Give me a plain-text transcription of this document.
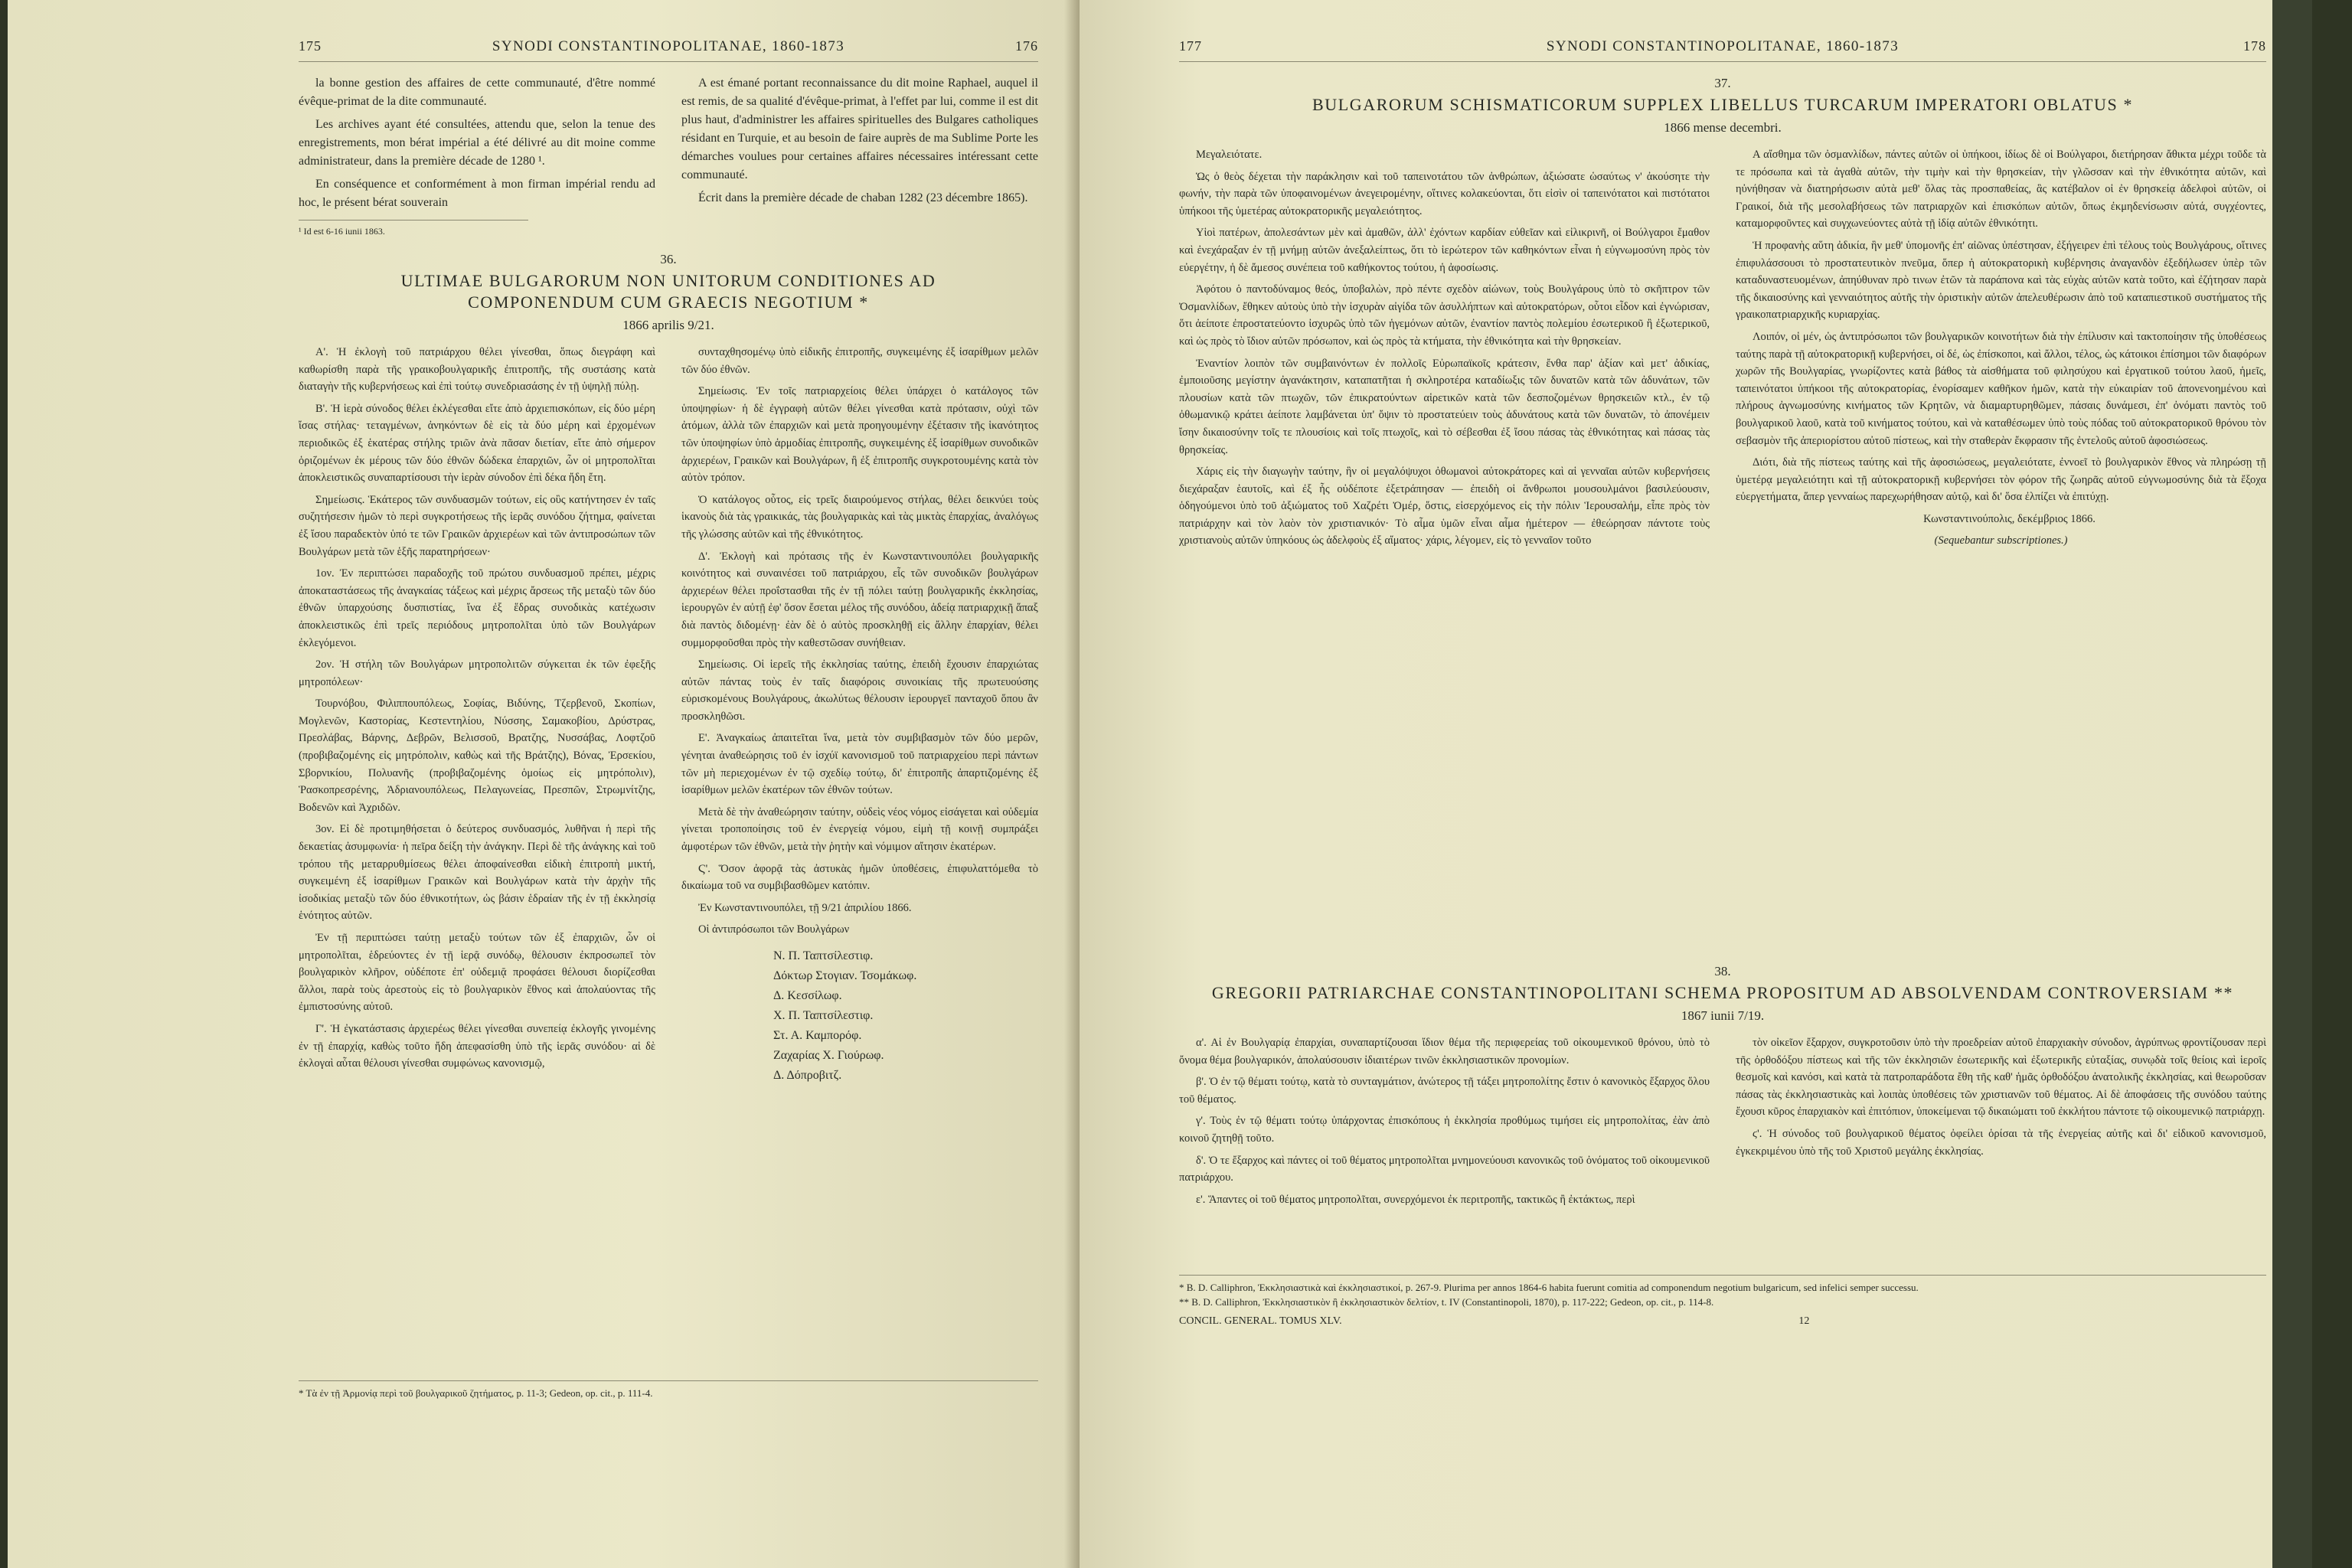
175	SYNODI CONSTANTINOPOLITANAE, 1860-1873	176

la bonne gestion des affaires de cette communauté, d'être nommé évêque-primat de la dite communauté.

Les archives ayant été consultées, attendu que, selon la tenue des enregistrements, mon bérat impérial a été délivré au dit moine comme administrateur, dans la première décade de 1280 ¹.

En conséquence et conformément à mon firman impérial rendu ad hoc, le présent bérat souverain

¹ Id est 6-16 iunii 1863.

A est émané portant reconnaissance du dit moine Raphael, auquel il est remis, de sa qualité d'évêque-primat, à l'effet par lui, comme il est dit plus haut, d'administrer les affaires spirituelles des Bulgares catholiques résidant en Turquie, et au besoin de faire auprès de ma Sublime Porte les démarches voulues pour certaines affaires nécessaires intéressant cette communauté.

Écrit dans la première décade de chaban 1282 (23 décembre 1865).

36.
ULTIMAE BULGARORUM NON UNITORUM CONDITIONES AD COMPONENDUM CUM GRAECIS NEGOTIUM *
1866 aprilis 9/21.

Α'. Ἡ ἐκλογὴ τοῦ πατριάρχου θέλει γίνεσθαι, ὅπως διεγράφη καὶ καθωρίσθη παρὰ τῆς γραικοβουλγαρικῆς ἐπιτροπῆς, τῆς συστάσης κατὰ διαταγὴν τῆς κυβερνήσεως καὶ ἐπὶ τούτῳ συνεδριασάσης ἐν τῇ ὑψηλῇ πύλῃ.

Β'. Ἡ ἱερὰ σύνοδος θέλει ἐκλέγεσθαι εἴτε ἀπὸ ἀρχιεπισκόπων, εἰς δύο μέρη ἴσας στήλας· τεταγμένων, ἀνηκόντων δὲ εἰς τὰ δύο μέρη καὶ ἐρχομένων περιοδικῶς ἐξ ἑκατέρας στήλης τριῶν ἀνὰ πᾶσαν διετίαν, εἴτε ἀπὸ σήμερον ὁριζομένων ἐκ μέρους τῶν δύο ἐθνῶν δώδεκα ἐπαρχιῶν, ὧν οἱ μητροπολῖται ἀποκλειστικῶς συναπαρτίσουσι τὴν ἱερὰν σύνοδον ἐπὶ δέκα ἤδη ἔτη.

Σημείωσις. Ἑκάτερος τῶν συνδυασμῶν τούτων, εἰς οὓς κατήντησεν ἐν ταῖς συζητήσεσιν ἡμῶν τὸ περὶ συγκροτήσεως τῆς ἱερᾶς συνόδου ζήτημα, φαίνεται ἐξ ἴσου παραδεκτὸν ὑπό τε τῶν Γραικῶν ἀρχιερέων καὶ τῶν ἀντιπροσώπων τῶν Βουλγάρων μετὰ τῶν ἑξῆς παρατηρήσεων·

1ον. Ἐν περιπτώσει παραδοχῆς τοῦ πρώτου συνδυασμοῦ πρέπει, μέχρις ἀποκαταστάσεως τῆς ἀναγκαίας τάξεως καὶ μέχρις ἄρσεως τῆς μεταξὺ τῶν δύο ἐθνῶν ὑπαρχούσης δυσπιστίας, ἵνα ἐξ ἕδρας συνοδικὰς κατέχωσιν ἀποκλειστικῶς ἐπὶ τρεῖς περιόδους μητροπολῖται ὑπὸ τῶν Βουλγάρων ἐκλεγόμενοι.

2ον. Ἡ στήλη τῶν Βουλγάρων μητροπολιτῶν σύγκειται ἐκ τῶν ἐφεξῆς μητροπόλεων·

Τουρνόβου, Φιλιππουπόλεως, Σοφίας, Βιδύνης, Τζερβενοῦ, Σκοπίων, Μογλενῶν, Καστορίας, Κεστεντηλίου, Νύσσης, Σαμακοβίου, Δρύστρας, Πρεσλάβας, Βάρνης, Δεβρῶν, Βελισσοῦ, Βρατζης, Νυσσάβας, Λοφτζοῦ (προβιβαζομένης εἰς μητρόπολιν, καθὼς καὶ τῆς Βράτζης), Βόνας, Ἐρσεκίου, Σβορνικίου, Πολυανῆς (προβιβαζομένης ὁμοίως εἰς μητρόπολιν), Ῥασκοπρεσρένης, Ἀδριανουπόλεως, Πελαγωνείας, Πρεσπῶν, Στρωμνίτζης, Βοδενῶν καὶ Ἀχριδῶν.

3ον. Εἰ δὲ προτιμηθήσεται ὁ δεύτερος συνδυασμός, λυθῆναι ἡ περὶ τῆς δεκαετίας ἀσυμφωνία· ἡ πεῖρα δείξη τὴν ἀνάγκην. Περὶ δὲ τῆς ἀνάγκης καὶ τοῦ τρόπου τῆς μεταρρυθμίσεως θέλει ἀποφαίνεσθαι εἰδικὴ ἐπιτροπὴ μικτή, συγκειμένη ἐξ ἰσαρίθμων Γραικῶν καὶ Βουλγάρων κατὰ τὴν ἀρχὴν τῆς ἰσοδικίας μεταξὺ τῶν δύο ἐθνικοτήτων, ὡς βάσιν ἑδραίαν τῆς ἐν τῇ ἐκκλησίᾳ ἑνότητος αὐτῶν.

Ἐν τῇ περιπτώσει ταύτῃ μεταξὺ τούτων τῶν ἐξ ἐπαρχιῶν, ὧν οἱ μητροπολῖται, ἑδρεύοντες ἐν τῇ ἱερᾷ συνόδῳ, θέλουσιν ἐκπροσωπεῖ τὸν βουλγαρικὸν κλῆρον, οὐδέποτε ἐπ' οὐδεμιᾷ προφάσει θέλουσι διορίζεσθαι ἄλλοι, παρὰ τοὺς ἀρεστοὺς εἰς τὸ βουλγαρικὸν ἔθνος καὶ ἀπολαύοντας τῆς ἐμπιστοσύνης αὐτοῦ.

Γ'. Ἡ ἐγκατάστασις ἀρχιερέως θέλει γίνεσθαι συνεπείᾳ ἐκλογῆς γινομένης ἐν τῇ ἐπαρχίᾳ, καθὼς τοῦτο ἤδη ἀπεφασίσθη ὑπὸ τῆς ἱερᾶς συνόδου· αἱ δὲ ἐκλογαὶ αὗται θέλουσι γίνεσθαι συμφώνως κανονισμῷ,

συνταχθησομένῳ ὑπὸ εἰδικῆς ἐπιτροπῆς, συγκειμένης ἐξ ἰσαρίθμων μελῶν τῶν δύο ἐθνῶν.

Σημείωσις. Ἐν τοῖς πατριαρχείοις θέλει ὑπάρχει ὁ κατάλογος τῶν ὑποψηφίων· ἡ δὲ ἐγγραφὴ αὐτῶν θέλει γίνεσθαι κατὰ πρότασιν, οὐχὶ τῶν ἀτόμων, ἀλλὰ τῶν ἐπαρχιῶν καὶ μετὰ προηγουμένην ἐξέτασιν τῆς ἱκανότητος τῶν ὑποψηφίων ὑπὸ ἁρμοδίας ἐπιτροπῆς, συγκειμένης ἐξ ἰσαρίθμων συνοδικῶν ἀρχιερέων, Γραικῶν καὶ Βουλγάρων, ἢ ἐξ ἐπιτροπῆς συγκροτουμένης κατὰ τὸν αὐτὸν τρόπον.

Ὁ κατάλογος οὗτος, εἰς τρεῖς διαιρούμενος στήλας, θέλει δεικνύει τοὺς ἱκανοὺς διὰ τὰς γραικικάς, τὰς βουλγαρικὰς καὶ τὰς μικτὰς ἐπαρχίας, ἀναλόγως τῆς γλώσσης αὐτῶν καὶ τῆς ἐθνικότητος.

Δ'. Ἐκλογὴ καὶ πρότασις τῆς ἐν Κωνσταντινουπόλει βουλγαρικῆς κοινότητος καὶ συναινέσει τοῦ πατριάρχου, εἷς τῶν συνοδικῶν βουλγάρων ἀρχιερέων θέλει προΐστασθαι τῆς ἐν τῇ πόλει ταύτῃ βουλγαρικῆς ἐκκλησίας, ἱερουργῶν ἐν αὐτῇ ἐφ' ὅσον ἔσεται μέλος τῆς συνόδου, ἀδείᾳ πατριαρχικῇ ἅπαξ διὰ παντὸς διδομένῃ· ἐὰν δὲ ὁ αὐτὸς προσκληθῇ εἰς ἄλλην ἐπαρχίαν, θέλει συμμορφοῦσθαι πρὸς τὴν καθεστῶσαν συνήθειαν.

Σημείωσις. Οἱ ἱερεῖς τῆς ἐκκλησίας ταύτης, ἐπειδὴ ἔχουσιν ἐπαρχιώτας αὐτῶν πάντας τοὺς ἐν ταῖς διαφόροις συνοικίαις τῆς πρωτευούσης εὑρισκομένους Βουλγάρους, ἀκωλύτως θέλουσιν ἱερουργεῖ πανταχοῦ ὅπου ἂν προσκληθῶσι.

Ε'. Ἀναγκαίως ἀπαιτεῖται ἵνα, μετὰ τὸν συμβιβασμὸν τῶν δύο μερῶν, γένηται ἀναθεώρησις τοῦ ἐν ἰσχύϊ κανονισμοῦ τοῦ πατριαρχείου περὶ πάντων τῶν μὴ περιεχομένων ἐν τῷ σχεδίῳ τούτῳ, δι' ἐπιτροπῆς ἀπαρτιζομένης ἐξ ἰσαρίθμων μελῶν ἑκατέρων τῶν ἐθνῶν τούτων.

Μετὰ δὲ τὴν ἀναθεώρησιν ταύτην, οὐδεὶς νέος νόμος εἰσάγεται καὶ οὐδεμία γίνεται τροποποίησις τοῦ ἐν ἐνεργείᾳ νόμου, εἰμὴ τῇ κοινῇ συμπράξει ἀμφοτέρων τῶν ἐθνῶν, μετὰ τὴν ῥητὴν καὶ νόμιμον αἴτησιν ἑκατέρων.

Ϛ'. Ὅσον ἀφορᾷ τὰς ἀστυκὰς ἡμῶν ὑποθέσεις, ἐπιφυλαττόμεθα τὸ δικαίωμα τοῦ να συμβιβασθῶμεν κατόπιν.

Ἐν Κωνσταντινουπόλει, τῇ 9/21 ἀπριλίου 1866.

Οἱ ἀντιπρόσωποι τῶν Βουλγάρων

Ν. Π. Ταπτσίλεστιφ.
Δόκτωρ Στογιαν. Τσομάκωφ.
Δ. Κεσσίλωφ.
Χ. Π. Ταπτσίλεστιφ.
Στ. Α. Καμπορόφ.
Ζαχαρίας Χ. Γιούρωφ.
Δ. Δόπροβιτζ.
* Τὰ ἐν τῇ Ἀρμονίᾳ περὶ τοῦ βουλγαρικοῦ ζητήματος, p. 11-3; Gedeon, op. cit., p. 111-4.
177	SYNODI CONSTANTINOPOLITANAE, 1860-1873	178
37.
BULGARORUM SCHISMATICORUM SUPPLEX LIBELLUS TURCARUM IMPERATORI OBLATUS *
1866 mense decembri.

Μεγαλειότατε.

Ὡς ὁ θεὸς δέχεται τὴν παράκλησιν καὶ τοῦ ταπεινοτάτου τῶν ἀνθρώπων, ἀξιώσατε ὡσαύτως ν' ἀκούσητε τὴν φωνήν, τὴν παρὰ τῶν ὑποφαινομένων ἀνεγειρομένην, οἵτινες κολακεύονται, ὅτι εἰσὶν οἱ ταπεινότατοι καὶ πιστότατοι ὑπήκοοι τῆς ὑμετέρας αὐτοκρατορικῆς μεγαλειότητος.

Υἱοὶ πατέρων, ἀπολεσάντων μὲν καὶ ἀμαθῶν, ἀλλ' ἐχόντων καρδίαν εὐθεῖαν καὶ εἰλικρινῆ, οἱ Βούλγαροι ἔμαθον καὶ ἐνεχάραξαν ἐν τῇ μνήμῃ αὐτῶν ἀνεξαλείπτως, ὅτι τὸ ἱερώτερον τῶν καθηκόντων εἶναι ἡ εὐγνωμοσύνη πρὸς τὸν εὐεργέτην, ἡ δὲ ἄμεσος συνέπεια τοῦ καθήκοντος τούτου, ἡ ἀφοσίωσις.

Ἀφότου ὁ παντοδύναμος θεός, ὑποβαλὼν, πρὸ πέντε σχεδὸν αἰώνων, τοὺς Βουλγάρους ὑπὸ τὸ σκῆπτρον τῶν Ὀσμανλίδων, ἔθηκεν αὐτοὺς ὑπὸ τὴν ἰσχυρὰν αἰγίδα τῶν ἀσυλλήπτων καὶ αὐτοκρατόρων, οὗτοι εἶδον καὶ ἐγνώρισαν, ὅτι ἀείποτε ἐπροστατεύοντο ἰσχυρῶς ὑπὸ τῶν ἡγεμόνων αὐτῶν, ἐναντίον παντὸς πολεμίου ἐσωτερικοῦ ἢ ἐξωτερικοῦ, καὶ ὡς πρὸς τὸ ἴδιον αὐτῶν πρόσωπον, καὶ ὡς πρὸς τὰ κτήματα, τὴν ἐθνικότητα καὶ τὴν θρησκείαν.

Ἐναντίον λοιπὸν τῶν συμβαινόντων ἐν πολλοῖς Εὐρωπαϊκοῖς κράτεσιν, ἔνθα παρ' ἀξίαν καὶ μετ' ἀδικίας, ἐμποιοῦσης μεγίστην ἀγανάκτησιν, καταπατῆται ἡ σκληροτέρα καταδίωξις τῶν δυνατῶν κατὰ τῶν ἀδυνάτων, τῶν πλουσίων κατὰ τῶν πτωχῶν, τῶν ἐπικρατούντων αἱρετικῶν κατὰ τῶν δεσποζομένων θρησκειῶν κτλ., ἐν τῷ ὀθωμανικῷ κράτει ἀείποτε λαμβάνεται ὑπ' ὄψιν τὸ προστατεύειν τοὺς ἀδυνάτους κατὰ τῶν δυνατῶν, τὸ ἀπονέμειν ἴσην δικαιοσύνην τοῖς τε πλουσίοις καὶ τοῖς πτωχοῖς, καὶ τὸ σέβεσθαι ἐξ ἴσου πάσας τὰς ἐθνικότητας καὶ πάσας τὰς θρησκείας.

Χάρις εἰς τὴν διαγωγὴν ταύτην, ἣν οἱ μεγαλόψυχοι ὀθωμανοὶ αὐτοκράτορες καὶ αἱ γενναῖαι αὐτῶν κυβερνήσεις διεχάραξαν ἑαυτοῖς, καὶ ἐξ ἧς οὐδέποτε ἐξετράπησαν — ἐπειδὴ οἱ ἄνθρωποι μουσουλμάνοι βασιλεύουσιν, ὁδηγούμενοι ὑπὸ τοῦ ἀξιώματος τοῦ Χαζρέτι Ὀμέρ, ὅστις, εἰσερχόμενος εἰς τὴν πόλιν Ἱερουσαλήμ, εἶπε πρὸς τὸν πατριάρχην καὶ τὸν λαὸν τὸν χριστιανικόν· Τὸ αἷμα ὑμῶν εἶναι αἷμα ἡμέτερον — ἐθεώρησαν πάντοτε τοὺς χριστιανοὺς αὐτῶν ὑπηκόους ὡς ἀδελφοὺς ἐξ αἵματος· χάρις, λέγομεν, εἰς τὸ γενναῖον τοῦτο

Α αἴσθημα τῶν ὀσμανλίδων, πάντες αὐτῶν οἱ ὑπήκοοι, ἰδίως δὲ οἱ Βούλγαροι, διετήρησαν ἄθικτα μέχρι τοῦδε τὰ τε πρόσωπα καὶ τὰ ἀγαθὰ αὐτῶν, τὴν τιμὴν καὶ τὴν θρησκείαν, τὴν γλῶσσαν καὶ τὴν ἐθνικότητα αὐτῶν, καὶ ηὐνήθησαν νὰ διατηρήσωσιν αὐτὰ μεθ' ὅλας τὰς προσπαθείας, ἃς κατέβαλον οἱ ἐν θρησκείᾳ ἀδελφοὶ αὐτῶν, οἱ Γραικοί, διὰ τῆς μεσολαβήσεως τῶν πατριαρχῶν καὶ ἐπισκόπων αὐτῶν, ὅπως ἐκμηδενίσωσιν αὐτά, συγχέοντες, καταμορφοῦντες καὶ συγχωνεύοντες αὐτὰ τῇ ἰδίᾳ αὐτῶν ἐθνικότητι.

Ἡ προφανὴς αὕτη ἀδικία, ἣν μεθ' ὑπομονῆς ἐπ' αἰῶνας ὑπέστησαν, ἐξήγειρεν ἐπὶ τέλους τοὺς Βουλγάρους, οἵτινες ἐπιφυλάσσουσι τὸ προστατευτικὸν πνεῦμα, ὅπερ ἡ αὐτοκρατορικὴ κυβέρνησις ἀναγανδὸν ἐξεδήλωσεν ὑπὲρ τῶν καταδυναστευομένων, ἀπηύθυναν πρὸ τινων ἐτῶν τὰ παράπονα καὶ τὰς εὐχὰς αὐτῶν κατὰ τοῦτο, καὶ ἐζήτησαν παρὰ τῆς δικαιοσύνης καὶ γενναιότητος αὐτῆς τὴν ὁριστικὴν αὐτῶν ἀπελευθέρωσιν ἀπὸ τοῦ καταπιεστικοῦ συστήματος τῆς γραικοπατριαρχικῆς κυριαρχίας.

Λοιπόν, οἱ μέν, ὡς ἀντιπρόσωποι τῶν βουλγαρικῶν κοινοτήτων διὰ τὴν ἐπίλυσιν καὶ τακτοποίησιν τῆς ὑποθέσεως ταύτης παρὰ τῇ αὐτοκρατορικῇ κυβερνήσει, οἱ δέ, ὡς ἐπίσκοποι, καὶ ἄλλοι, τέλος, ὡς κάτοικοι ἐπίσημοι τῶν διαφόρων χωρῶν τῆς Βουλγαρίας, γνωρίζοντες κατὰ βάθος τὰ αἰσθήματα τοῦ φιλησύχου καὶ ἐργατικοῦ τούτου λαοῦ, ἡμεῖς, ταπεινότατοι ὑπήκοοι τῆς αὐτοκρατορίας, ἐνορίσαμεν καθῆκον ἡμῶν, κατὰ τὴν εὐκαιρίαν τοῦ ἀπονενοημένου καὶ πλήρους ἀγνωμοσύνης κινήματος τῶν Κρητῶν, νὰ διαμαρτυρηθῶμεν, πάσαις δυνάμεσι, ἐπ' ὀνόματι παντὸς τοῦ βουλγαρικοῦ λαοῦ, κατὰ τοῦ κινήματος τούτου, καὶ νὰ καταθέσωμεν ὑπὸ τοὺς πόδας τοῦ αὐτοκρατορικοῦ θρόνου τὸν σεβασμὸν τῆς ἀπεριορίστου αὐτοῦ πίστεως, καὶ τὴν σταθερὰν ἔκφρασιν τῆς ἐντελοῦς αὐτοῦ ἀφοσιώσεως.

Διότι, διὰ τῆς πίστεως ταύτης καὶ τῆς ἀφοσιώσεως, μεγαλειότατε, ἐννοεῖ τὸ βουλγαρικὸν ἔθνος νὰ πληρώσῃ τῇ ὑμετέρᾳ μεγαλειότητι καὶ τῇ αὐτοκρατορικῇ κυβερνήσει τὸν φόρον τῆς ζωηρᾶς αὐτοῦ εὐγνωμοσύνης διὰ τὰ ἔξοχα εὐεργετήματα, ἅπερ γενναίως παρεχωρήθησαν αὐτῷ, καὶ δι' ὅσα ἐλπίζει νὰ ἐπιτύχῃ.

Κωνσταντινούπολις, δεκέμβριος 1866.

(Sequebantur subscriptiones.)
38.
GREGORII PATRIARCHAE CONSTANTINOPOLITANI SCHEMA PROPOSITUM AD ABSOLVENDAM CONTROVERSIAM **
1867 iunii 7/19.

α'. Αἱ ἐν Βουλγαρίᾳ ἐπαρχίαι, συναπαρτίζουσαι ἴδιον θέμα τῆς περιφερείας τοῦ οἰκουμενικοῦ θρόνου, ὑπὸ τὸ ὄνομα θέμα βουλγαρικόν, ἀπολαύσουσιν ἰδιαιτέρων τινῶν ἐκκλησιαστικῶν προνομίων.

β'. Ὁ ἐν τῷ θέματι τούτῳ, κατὰ τὸ συνταγμάτιον, ἀνώτερος τῇ τάξει μητροπολίτης ἔστιν ὁ κανονικὸς ἔξαρχος ὅλου τοῦ θέματος.

γ'. Τοὺς ἐν τῷ θέματι τούτῳ ὑπάρχοντας ἐπισκόπους ἡ ἐκκλησία προθύμως τιμήσει εἰς μητροπολίτας, ἐὰν ἀπὸ κοινοῦ ζητηθῇ τοῦτο.

δ'. Ὁ τε ἔξαρχος καὶ πάντες οἱ τοῦ θέματος μητροπολῖται μνημονεύουσι κανονικῶς τοῦ ὀνόματος τοῦ οἰκουμενικοῦ πατριάρχου.

ε'. Ἅπαντες οἱ τοῦ θέματος μητροπολῖται, συνερχόμενοι ἐκ περιτροπῆς, τακτικῶς ἢ ἐκτάκτως, περὶ

τὸν οἰκεῖον ἔξαρχον, συγκροτοῦσιν ὑπὸ τὴν προεδρείαν αὐτοῦ ἐπαρχιακὴν σύνοδον, ἀγρύπνως φροντίζουσαν περὶ τῆς ὀρθοδόξου πίστεως καὶ τῆς τῶν ἐκκλησιῶν ἐσωτερικῆς καὶ ἐξωτερικῆς εὐταξίας, συνῳδὰ τοῖς θείοις καὶ ἱεροῖς θεσμοῖς καὶ κανόσι, καὶ κατὰ τὰ πατροπαράδοτα ἔθη τῆς καθ' ἡμᾶς ὀρθοδόξου ἀνατολικῆς ἐκκλησίας, καὶ θεωροῦσαν πάσας τὰς ἐκκλησιαστικὰς καὶ λοιπὰς ὑποθέσεις τῶν χριστιανῶν τοῦ θέματος. Αἱ δὲ ἀποφάσεις τῆς συνόδου ταύτης ἔχουσι κῦρος ἐπαρχιακὸν καὶ ἐπιτόπιον, ὑποκείμεναι τῷ δικαιώματι τοῦ ἐκκλήτου πάντοτε τῷ οἰκουμενικῷ πατριάρχῃ.

ϛ'. Ἡ σύνοδος τοῦ βουλγαρικοῦ θέματος ὀφείλει ὁρίσαι τὰ τῆς ἐνεργείας αὐτῆς καὶ δι' εἰδικοῦ κανονισμοῦ, ἐγκεκριμένου ὑπὸ τῆς τοῦ Χριστοῦ μεγάλης ἐκκλησίας.

* B. D. Calliphron, Ἐκκλησιαστικὰ καὶ ἐκκλησιαστικοί, p. 267-9. Plurima per annos 1864-6 habita fuerunt comitia ad componendum negotium bulgaricum, sed infelici semper successu.
** B. D. Calliphron, Ἐκκλησιαστικὸν ἢ ἐκκλησιαστικὸν δελτίον, t. IV (Constantinopoli, 1870), p. 117-222; Gedeon, op. cit., p. 114-8.
CONCIL. GENERAL. TOMUS XLV.	12
